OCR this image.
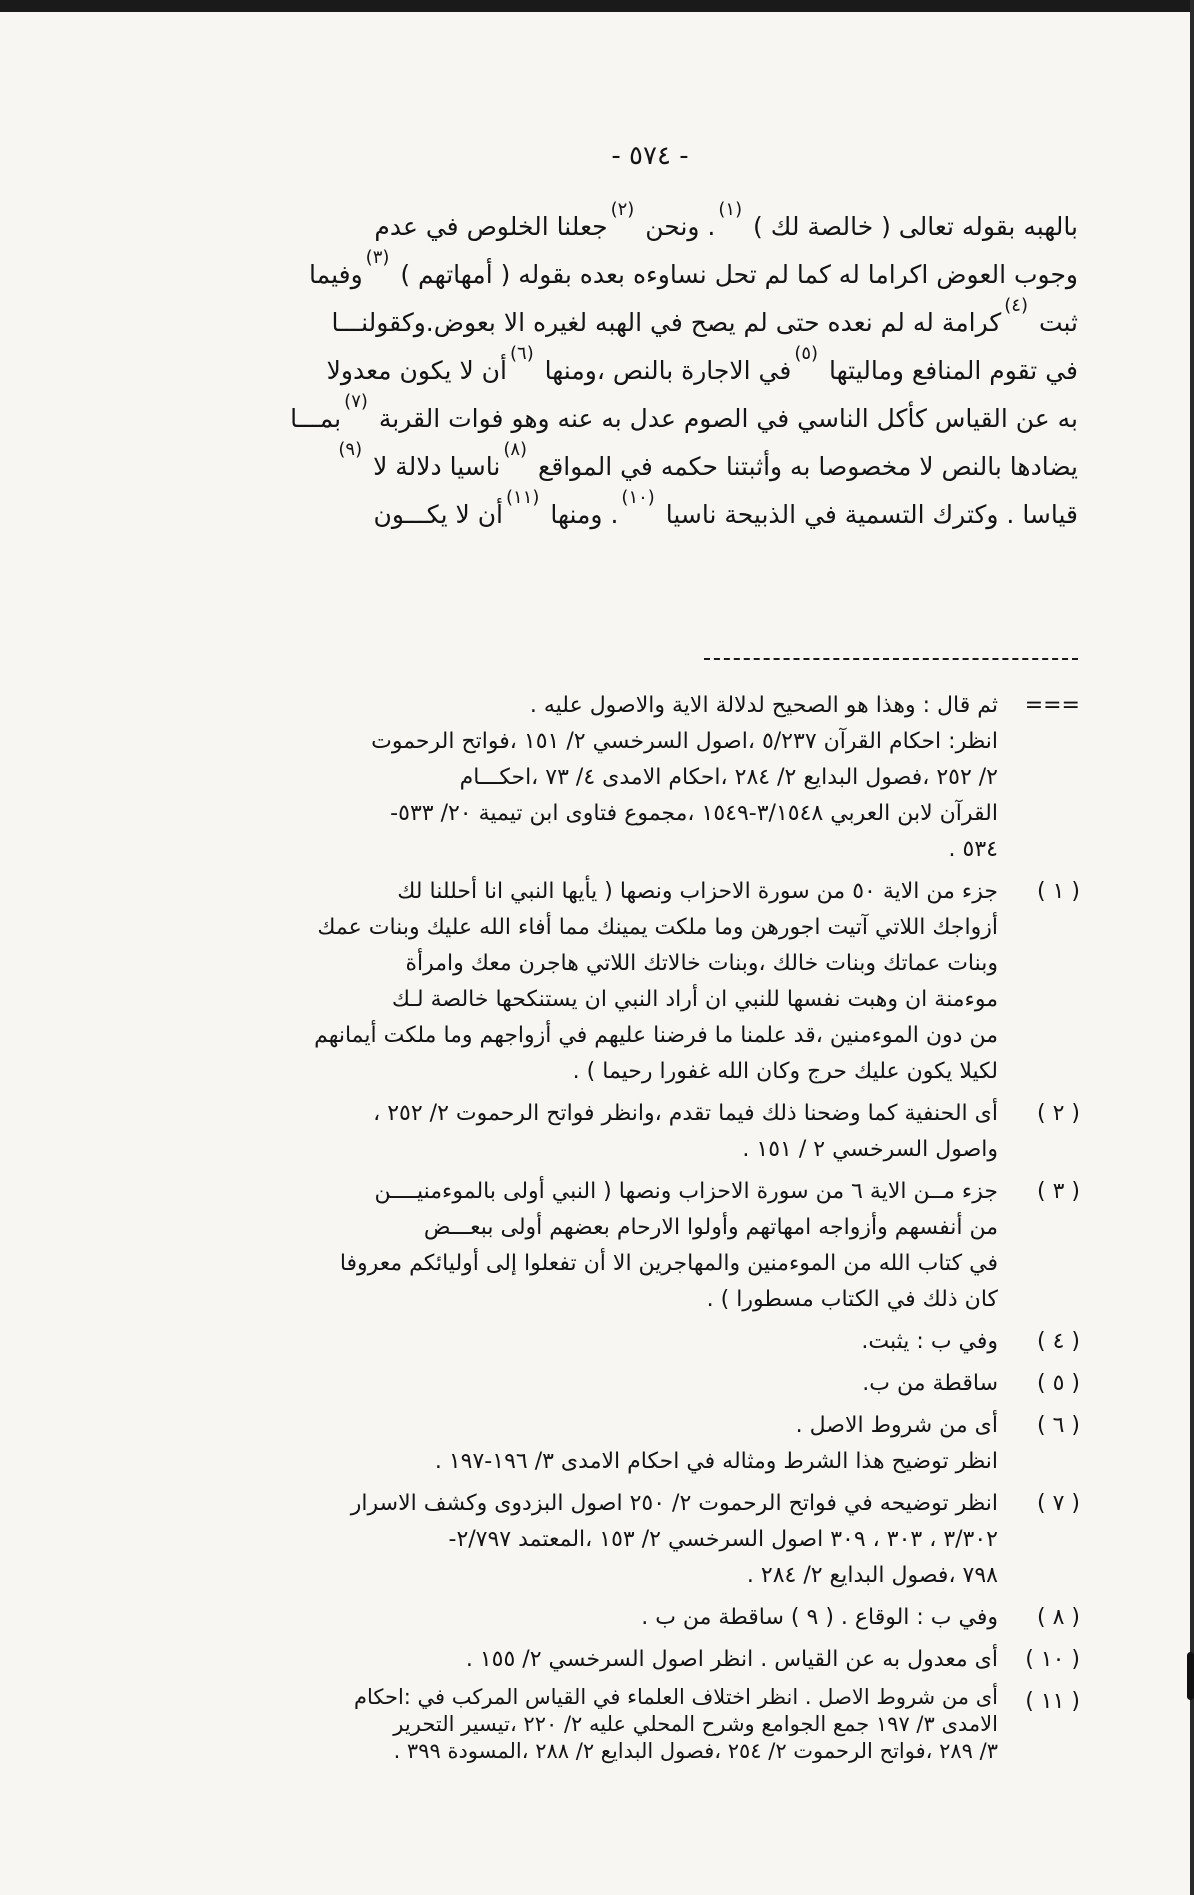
- ٥٧٤ -
بالهبه بقوله تعالى ( خالصة لك ) $^{(١)}$. ونحن $^{(٢)}$جعلنا الخلوص في عدم
وجوب العوض اكراما له كما لم تحل نساوءه بعده بقوله ( أمهاتهم ) $^{(٣)}$وفيما
ثبت $^{(٤)}$كرامة له لم نعده حتى لم يصح في الهبه لغيره الا بعوض.وكقولنـــا
في تقوم المنافع ومالیتها $^{(٥)}$في الاجارة بالنص ،ومنها $^{(٦)}$أن لا يكون معدولا
به عن القياس كأكل الناسي في الصوم عدل به عنه وهو فوات القربة $^{(٧)}$بمـــا
يضادها بالنص لا مخصوصا به وأثبتنا حكمه في المواقع $^{(٨)}$ناسيا دلالة لا $^{(٩)}$
قياسا . وكترك التسمية في الذبيحة ناسيا $^{(١٠)}$. ومنها $^{(١١)}$أن لا يكـــون
===
ثم قال : وهذا هو الصحيح لدلالة الاية والاصول عليه .
انظر: احكام القرآن ٥/٢٣٧ ،اصول السرخسي ٢/ ١٥١ ،فواتح الرحموت
٢/ ٢٥٢ ،فصول البدايع ٢/ ٢٨٤ ،احكام الامدى ٤/ ٧٣ ،احكـــام
القرآن لابن العربي ٣/١٥٤٨-١٥٤٩ ،مجموع فتاوى ابن تيمية ٢٠/ ٥٣٣-
٥٣٤ .
( ١ )
جزء من الاية ٥٠ من سورة الاحزاب ونصها ( يأيها النبي انا أحللنا لك
أزواجك اللاتي آتيت اجورهن وما ملكت يمينك مما أفاء الله عليك وبنات عمك
وبنات عماتك وبنات خالك ،وبنات خالاتك اللاتي هاجرن معك وامرأة
موءمنة ان وهبت نفسها للنبي ان أراد النبي ان يستنكحها خالصة لـك
من دون الموءمنين ،قد علمنا ما فرضنا عليهم في أزواجهم وما ملكت أيمانهم
لكيلا يكون عليك حرج وكان الله غفورا رحيما ) .
( ٢ )
أى الحنفية كما وضحنا ذلك فيما تقدم ،وانظر فواتح الرحموت ٢/ ٢٥٢ ،
واصول السرخسي ٢ / ١٥١ .
( ٣ )
جزء مــن الاية ٦ من سورة الاحزاب ونصها ( النبي أولى بالموءمنيــــن
من أنفسهم وأزواجه امهاتهم وأولوا الارحام بعضهم أولى ببعـــض
في كتاب الله من الموءمنين والمهاجرين الا أن تفعلوا إلى أوليائكم معروفا
كان ذلك في الكتاب مسطورا ) .
( ٤ )
وفي ب : يثبت.
( ٥ )
ساقطة من ب.
( ٦ )
أى من شروط الاصل .
انظر توضيح هذا الشرط ومثاله في احكام الامدى ٣/ ١٩٦-١٩٧ .
( ٧ )
انظر توضيحه في فواتح الرحموت ٢/ ٢٥٠ اصول البزدوى وكشف الاسرار
٣/٣٠٢ ، ٣٠٣ ، ٣٠٩ اصول السرخسي ٢/ ١٥٣ ،المعتمد ٢/٧٩٧-
٧٩٨ ،فصول البدايع ٢/ ٢٨٤ .
( ٨ )
وفي ب : الوقاع . ( ٩ ) ساقطة من ب .
( ١٠ )
أى معدول به عن القياس . انظر اصول السرخسي ٢/ ١٥٥ .
( ١١ )
أى من شروط الاصل . انظر اختلاف العلماء في القياس المركب في :احكام
الامدى ٣/ ١٩٧ جمع الجوامع وشرح المحلي عليه ٢/ ٢٢٠ ،تيسير التحرير
٣/ ٢٨٩ ،فواتح الرحموت ٢/ ٢٥٤ ،فصول البدايع ٢/ ٢٨٨ ،المسودة ٣٩٩ .
